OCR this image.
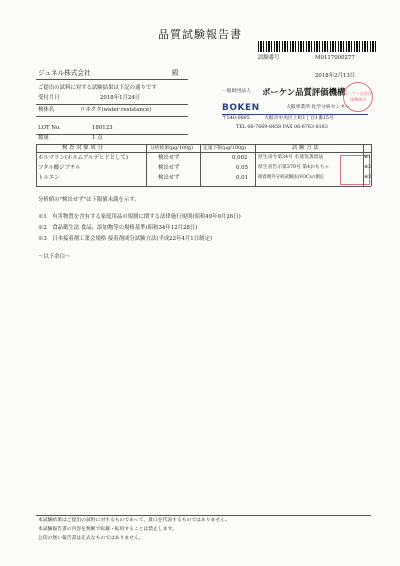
品質試験報告書
試験番号	M0117000277
ジュネル株式会社	殿	2018年2月13日
ご提出の試料に対する試験結果は下記の通りです
受付月日	2018年1月24日
検体名	ロネクタ(water resistance)
LOT No.	180123
数量	1 点
一般財団法人 ボーケン品質評価機構
BOKEN	大阪事業所 化学分析センター
〒540-0005	大阪市中央区上町1丁目1番15号
TEL 06-7669-8458 FAX 06-6763-8183
ボーケン品質評価機構印
検 査 対 象 成 分	分析結果(μg/100g) 定量下限(μg/100g)	試 験 方 法
ホルマリン(ホルムアルデヒドとして)	検出せず	0.002 厚生省令第34号 水蒸気蒸留法	※1
フタル酸ジブチル	検出せず	0.05 厚生省告示第370号 第4おもちゃ	※2
トルエン	検出せず	0.01 接着剤外分析試験法(VOC)の測定	※3
分析値の"検出せず"は下限値未満を示す。
※1　有害物質を含有する家庭用品の規制に関する法律施行規則(昭和49年9月26日)
※2　食品衛生法 食品、添加物等の規格基準(昭和34年12月28日)
※3　日本接着剤工業会規格 接着剤成分試験方法(平成22年4月1日制定)
～以下余白～
本試験結果はご提出の試料に対するものであって、貴口を代表するものではありません。
本試験報告書の内容を無断で転載・転用することは禁止します。
公印の無い報告書は正式なものではありません。
